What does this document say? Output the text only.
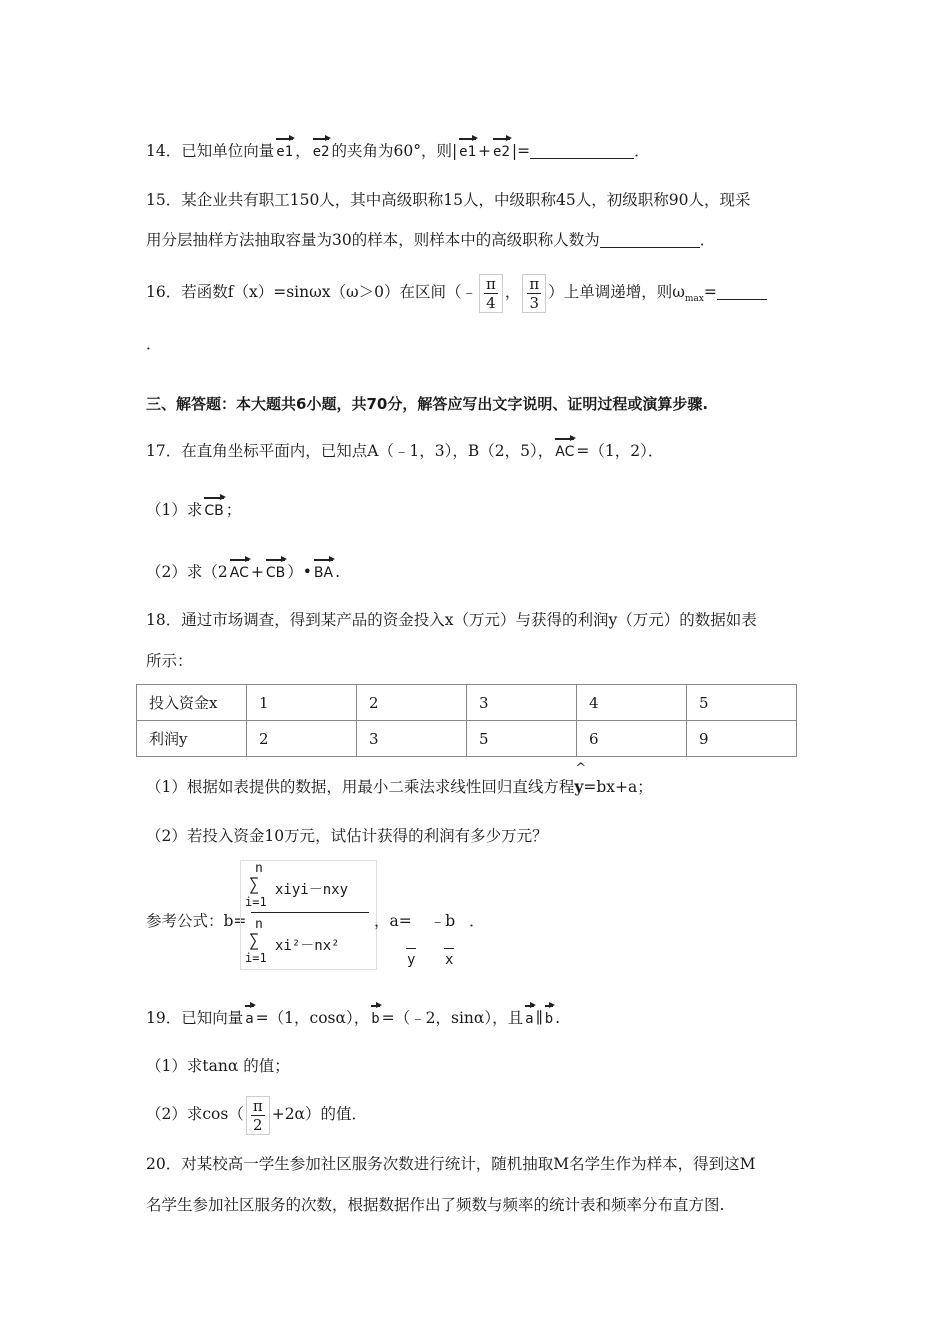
14．已知单位向量 e1 ， e2 的夹角为60°，则| e1 + e2 |=	．
15．某企业共有职工150人，其中高级职称15人，中级职称45人，初级职称90人，现采
用分层抽样方法抽取容量为30的样本，则样本中的高级职称人数为	．
16．若函数f（x）=sinωx（ω＞0）在区间（﹣ $\frac{\pi}{4}$ ， $\frac{\pi}{3}$ ）上单调递增，则$\omega_{max}=$
．
三、解答题：本大题共6小题，共70分，解答应写出文字说明、证明过程或演算步骤.
17．在直角坐标平面内，已知点A（﹣1，3），B（2，5）， AC =（1，2）．
（1）求 CB ；
（2）求（2 AC + CB ）• BA .
18．通过市场调查，得到某产品的资金投入x（万元）与获得的利润y（万元）的数据如表
所示：
投入资金x	1	2	3	4	5
利润y	2	3	5	6	9
（1）根据如表提供的数据，用最小二乘法求线性回归直线方程^ y=bx+a；
（2）若投入资金10万元，试估计获得的利润有多少万元？
参考公式：b=
n
∑
i=1
xiyi－nxy
n
∑
i=1
xi²－nx²
，a= ﹣b ．
y x
19．已知向量 a =（1，cosα）， b =（﹣2，sinα），且 a ∥ b .
（1）求tanα 的值；
（2）求$\cos( \frac{\pi}{2} +2\alpha)$的值．
20．对某校高一学生参加社区服务次数进行统计，随机抽取M名学生作为样本，得到这M
名学生参加社区服务的次数，根据数据作出了频数与频率的统计表和频率分布直方图.
